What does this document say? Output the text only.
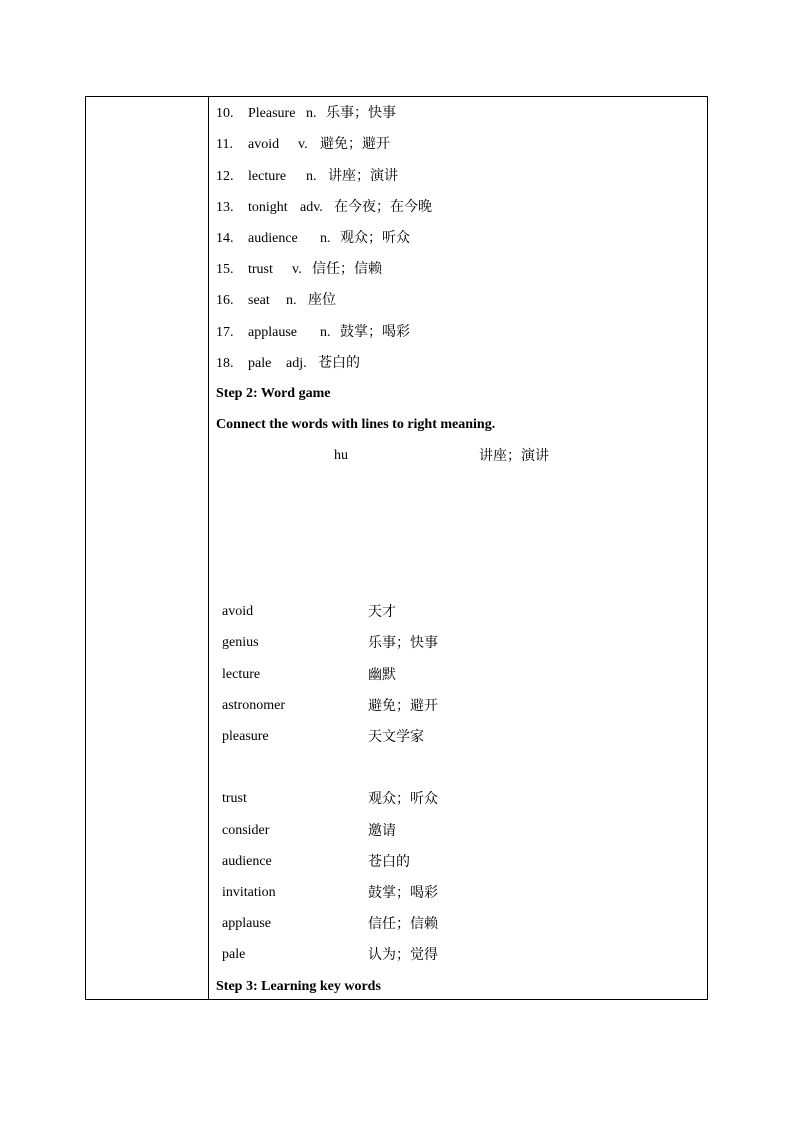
10. Pleasure n. 乐事；快事
11. avoid v. 避免；避开
12. lecture n. 讲座；演讲
13. tonight adv. 在今夜；在今晚
14. audience n. 观众；听众
15. trust v. 信任；信赖
16. seat n. 座位
17. applause n. 鼓掌；喝彩
18. pale adj. 苍白的
Step 2: Word game
Connect the words with lines to right meaning.
hu	讲座；演讲
avoid	天才
genius	乐事；快事
lecture	幽默
astronomer	避免；避开
pleasure	天文学家
trust	观众；听众
consider	邀请
audience	苍白的
invitation	鼓掌；喝彩
applause	信任；信赖
pale	认为；觉得
Step 3: Learning key words
